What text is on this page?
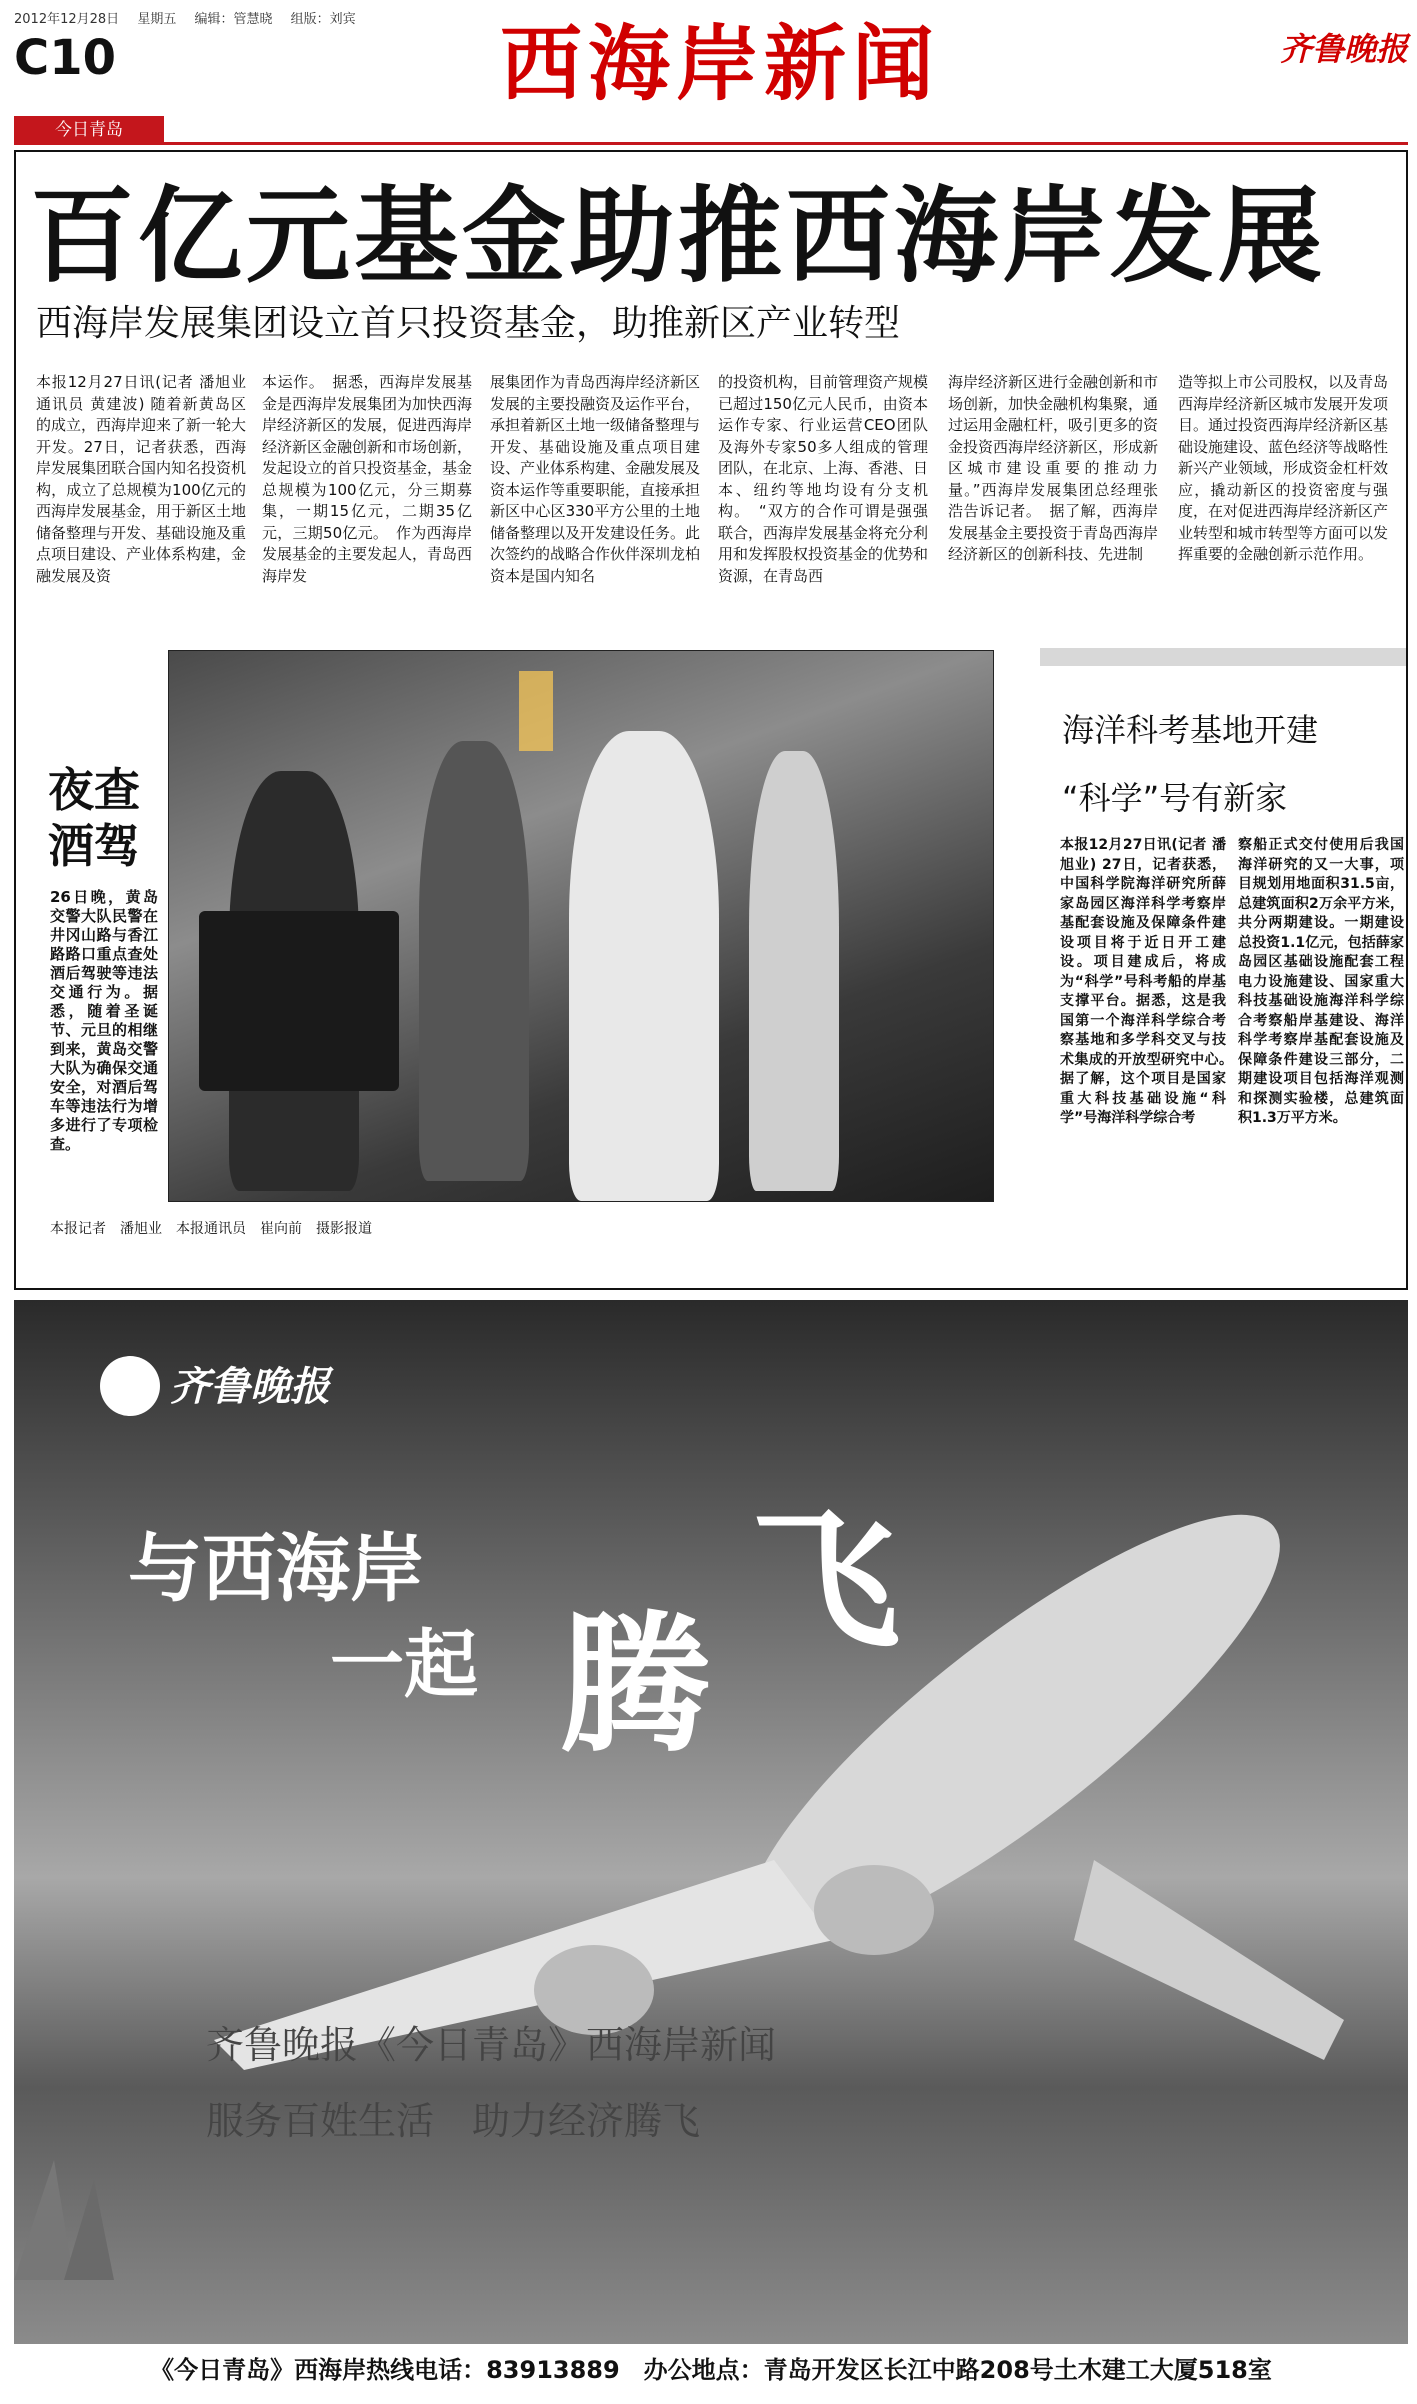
2012年12月28日 星期五 编辑：管慧晓 组版：刘宾
C10	西海岸新闻	齐鲁晚报
今日青岛
百亿元基金助推西海岸发展
西海岸发展集团设立首只投资基金，助推新区产业转型
本报12月27日讯(记者 潘旭业 通讯员 黄建波) 随着新黄岛区的成立，西海岸迎来了新一轮大开发。27日，记者获悉，西海岸发展集团联合国内知名投资机构，成立了总规模为100亿元的西海岸发展基金，用于新区土地储备整理与开发、基础设施及重点项目建设、产业体系构建，金融发展及资
本运作。　据悉，西海岸发展基金是西海岸发展集团为加快西海岸经济新区的发展，促进西海岸经济新区金融创新和市场创新，发起设立的首只投资基金，基金总规模为100亿元，分三期募集，一期15亿元，二期35亿元，三期50亿元。　作为西海岸发展基金的主要发起人，青岛西海岸发
展集团作为青岛西海岸经济新区发展的主要投融资及运作平台，承担着新区土地一级储备整理与开发、基础设施及重点项目建设、产业体系构建、金融发展及资本运作等重要职能，直接承担新区中心区330平方公里的土地储备整理以及开发建设任务。此次签约的战略合作伙伴深圳龙柏资本是国内知名
的投资机构，目前管理资产规模已超过150亿元人民币，由资本运作专家、行业运营CEO团队及海外专家50多人组成的管理团队，在北京、上海、香港、日本、纽约等地均设有分支机构。　“双方的合作可谓是强强联合，西海岸发展基金将充分利用和发挥股权投资基金的优势和资源，在青岛西
海岸经济新区进行金融创新和市场创新，加快金融机构集聚，通过运用金融杠杆，吸引更多的资金投资西海岸经济新区，形成新区城市建设重要的推动力量。”西海岸发展集团总经理张浩告诉记者。　据了解，西海岸发展基金主要投资于青岛西海岸经济新区的创新科技、先进制
造等拟上市公司股权，以及青岛西海岸经济新区城市发展开发项目。通过投资西海岸经济新区基础设施建设、蓝色经济等战略性新兴产业领域，形成资金杠杆效应，撬动新区的投资密度与强度，在对促进西海岸经济新区产业转型和城市转型等方面可以发挥重要的金融创新示范作用。
夜查酒驾
26日晚，黄岛交警大队民警在井冈山路与香江路路口重点查处酒后驾驶等违法交通行为。据悉，随着圣诞节、元旦的相继到来，黄岛交警大队为确保交通安全，对酒后驾车等违法行为增多进行了专项检查。
本报记者　潘旭业　本报通讯员　崔向前　摄影报道
海洋科考基地开建
“科学”号有新家
本报12月27日讯(记者 潘旭业) 27日，记者获悉，中国科学院海洋研究所薛家岛园区海洋科学考察岸基配套设施及保障条件建设项目将于近日开工建设。项目建成后，将成为“科学”号科考船的岸基支撑平台。据悉，这是我国第一个海洋科学综合考察基地和多学科交叉与技术集成的开放型研究中心。　据了解，这个项目是国家重大科技基础设施“科学”号海洋科学综合考
察船正式交付使用后我国海洋研究的又一大事，项目规划用地面积31.5亩，总建筑面积2万余平方米，共分两期建设。一期建设总投资1.1亿元，包括薛家岛园区基础设施配套工程电力设施建设、国家重大科技基础设施海洋科学综合考察船岸基建设、海洋科学考察岸基配套设施及保障条件建设三部分，二期建设项目包括海洋观测和探测实验楼，总建筑面积1.3万平方米。
齐鲁晚报
与西海岸
一起 腾
飞
齐鲁晚报《今日青岛》西海岸新闻
服务百姓生活　助力经济腾飞
《今日青岛》西海岸热线电话：83913889　办公地点：青岛开发区长江中路208号土木建工大厦518室
